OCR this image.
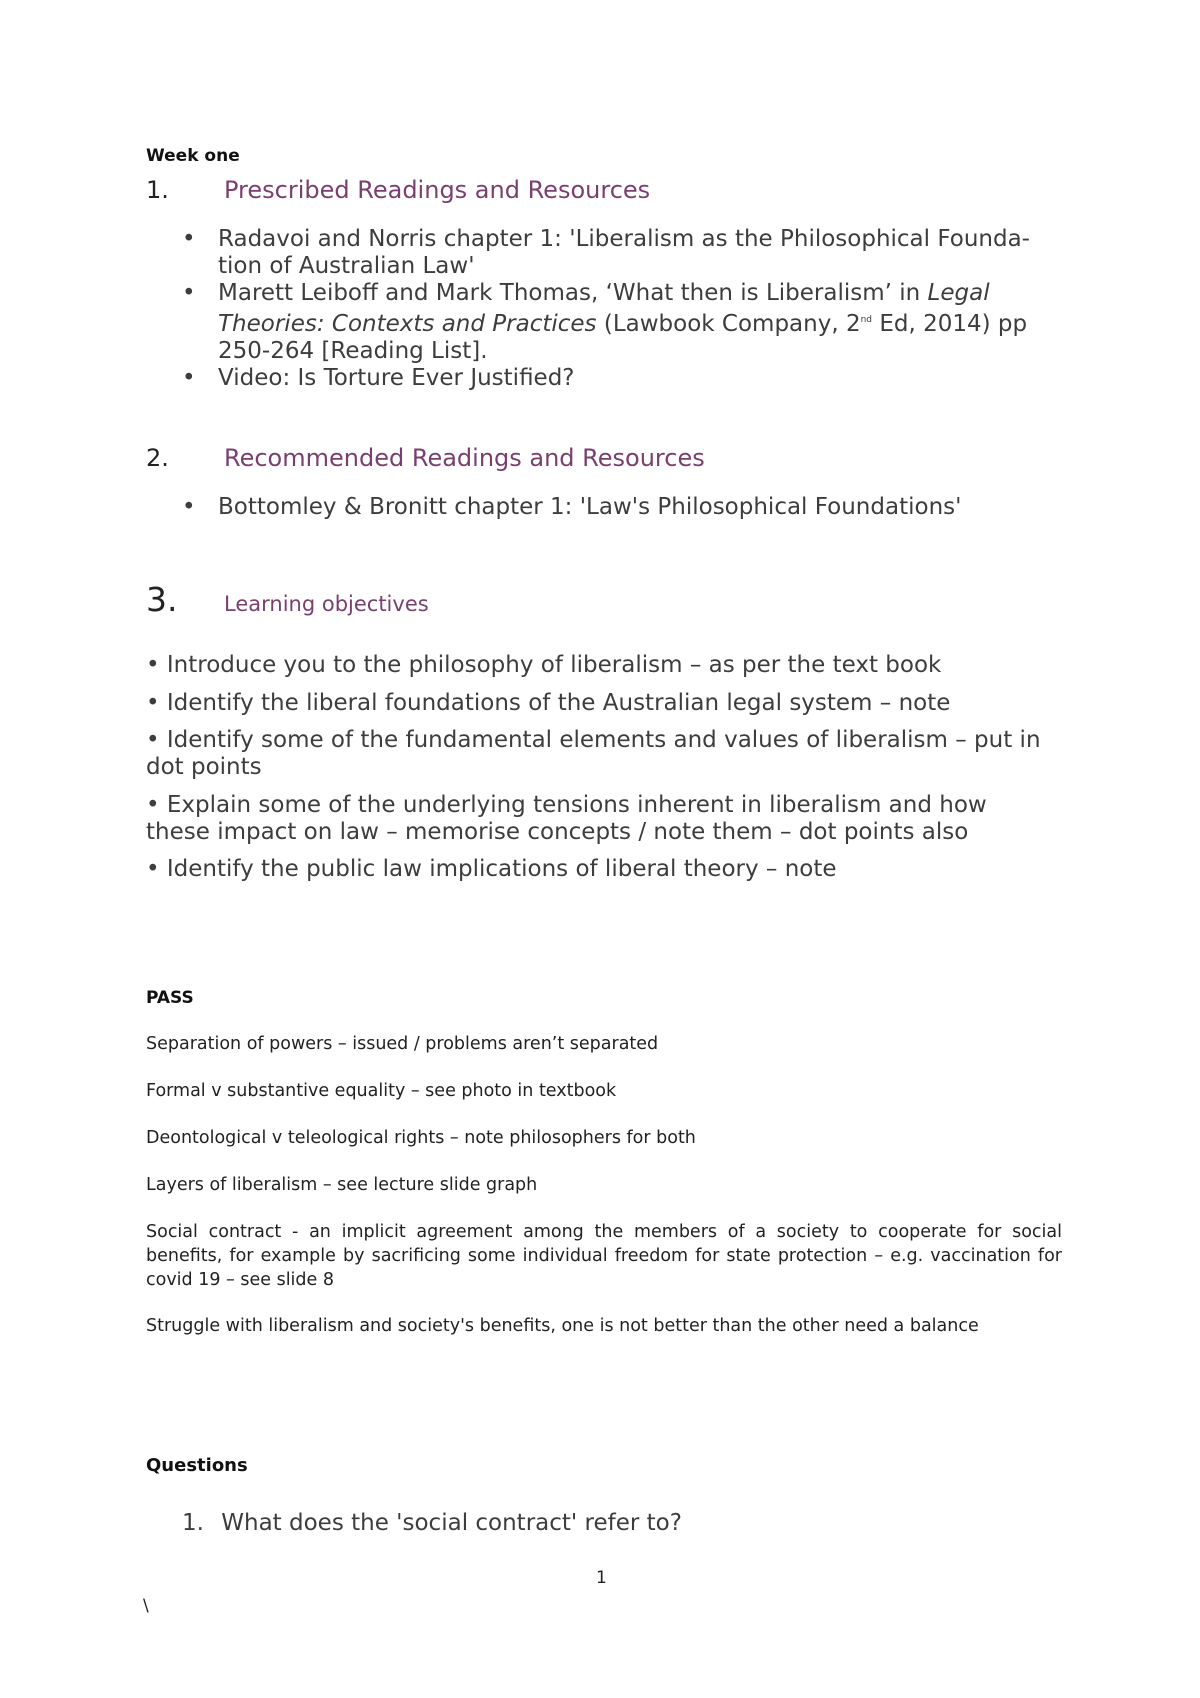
Week one
1. Prescribed Readings and Resources
• Radavoi and Norris chapter 1: 'Liberalism as the Philosophical Founda-
tion of Australian Law'
• Marett Leiboff and Mark Thomas, ‘What then is Liberalism’ in Legal
Theories: Contexts and Practices (Lawbook Company, 2nd Ed, 2014) pp
250-264 [Reading List].
• Video: Is Torture Ever Justified?
2. Recommended Readings and Resources
• Bottomley & Bronitt chapter 1: 'Law's Philosophical Foundations'
3. Learning objectives
• Introduce you to the philosophy of liberalism – as per the text book
• Identify the liberal foundations of the Australian legal system – note
• Identify some of the fundamental elements and values of liberalism – put in
dot points
• Explain some of the underlying tensions inherent in liberalism and how
these impact on law – memorise concepts / note them – dot points also
• Identify the public law implications of liberal theory – note
PASS
Separation of powers – issued / problems aren’t separated
Formal v substantive equality – see photo in textbook
Deontological v teleological rights – note philosophers for both
Layers of liberalism – see lecture slide graph
Social contract - an implicit agreement among the members of a society to cooperate for social benefits, for example by sacrificing some individual freedom for state protection – e.g. vaccination for covid 19 – see slide 8
Struggle with liberalism and society's benefits, one is not better than the other need a balance
Questions
1. What does the 'social contract' refer to?
1
\
